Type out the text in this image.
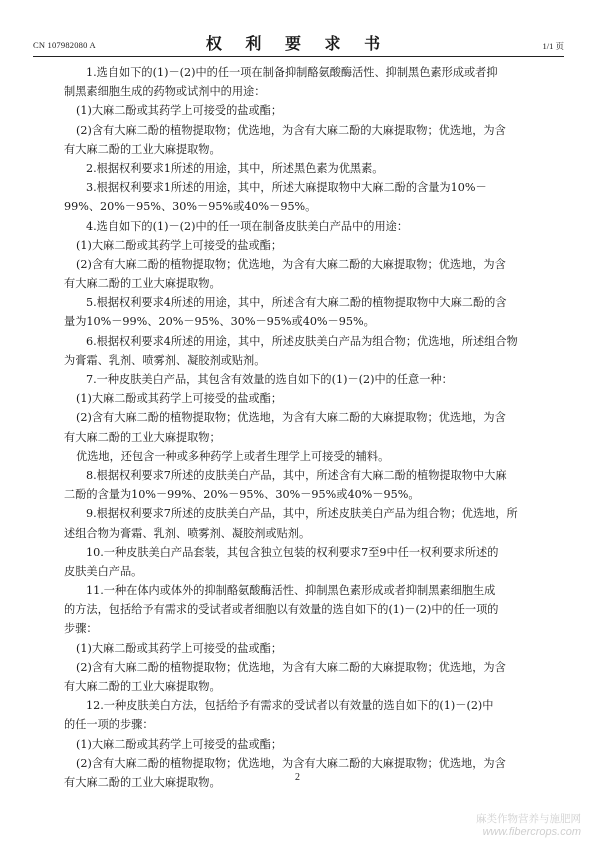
CN 107982080 A	权 利 要 求 书	1/1 页
1.选自如下的(1)－(2)中的任一项在制备抑制酪氨酸酶活性、抑制黑色素形成或者抑
制黑素细胞生成的药物或试剂中的用途：
(1)大麻二酚或其药学上可接受的盐或酯；
(2)含有大麻二酚的植物提取物；优选地，为含有大麻二酚的大麻提取物；优选地，为含
有大麻二酚的工业大麻提取物。
2.根据权利要求1所述的用途，其中，所述黑色素为优黑素。
3.根据权利要求1所述的用途，其中，所述大麻提取物中大麻二酚的含量为10%－
99%、20%－95%、30%－95%或40%－95%。
4.选自如下的(1)－(2)中的任一项在制备皮肤美白产品中的用途：
(1)大麻二酚或其药学上可接受的盐或酯；
(2)含有大麻二酚的植物提取物；优选地，为含有大麻二酚的大麻提取物；优选地，为含
有大麻二酚的工业大麻提取物。
5.根据权利要求4所述的用途，其中，所述含有大麻二酚的植物提取物中大麻二酚的含
量为10%－99%、20%－95%、30%－95%或40%－95%。
6.根据权利要求4所述的用途，其中，所述皮肤美白产品为组合物；优选地，所述组合物
为膏霜、乳剂、喷雾剂、凝胶剂或贴剂。
7.一种皮肤美白产品，其包含有效量的选自如下的(1)－(2)中的任意一种：
(1)大麻二酚或其药学上可接受的盐或酯；
(2)含有大麻二酚的植物提取物；优选地，为含有大麻二酚的大麻提取物；优选地，为含
有大麻二酚的工业大麻提取物；
优选地，还包含一种或多种药学上或者生理学上可接受的辅料。
8.根据权利要求7所述的皮肤美白产品，其中，所述含有大麻二酚的植物提取物中大麻
二酚的含量为10%－99%、20%－95%、30%－95%或40%－95%。
9.根据权利要求7所述的皮肤美白产品，其中，所述皮肤美白产品为组合物；优选地，所
述组合物为膏霜、乳剂、喷雾剂、凝胶剂或贴剂。
10.一种皮肤美白产品套装，其包含独立包装的权利要求7至9中任一权利要求所述的
皮肤美白产品。
11.一种在体内或体外的抑制酪氨酸酶活性、抑制黑色素形成或者抑制黑素细胞生成
的方法，包括给予有需求的受试者或者细胞以有效量的选自如下的(1)－(2)中的任一项的
步骤：
(1)大麻二酚或其药学上可接受的盐或酯；
(2)含有大麻二酚的植物提取物；优选地，为含有大麻二酚的大麻提取物；优选地，为含
有大麻二酚的工业大麻提取物。
12.一种皮肤美白方法，包括给予有需求的受试者以有效量的选自如下的(1)－(2)中
的任一项的步骤：
(1)大麻二酚或其药学上可接受的盐或酯；
(2)含有大麻二酚的植物提取物；优选地，为含有大麻二酚的大麻提取物；优选地，为含
有大麻二酚的工业大麻提取物。	2
麻类作物营养与施肥网
www.fibercrops.com
